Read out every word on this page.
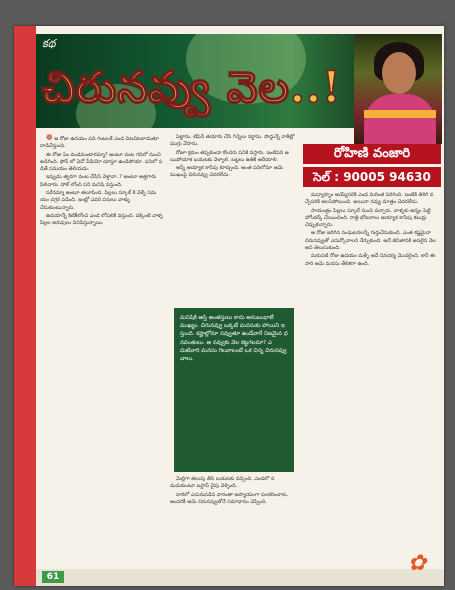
కథ
చిరునవ్వు వెల..!
రోహిణి వంజారి
సెల్ : 90005 94630

❁ ఆ రోజు ఉదయం పది గంటలకే ఎండ చిటచిటలాడుతూ దాడిచేస్తుంది.

ఈ రోజు ఏం వండమంటారమ్మా? అంటూ వంట గదిలో నుంచి అడిగింది. ఫోన్ లో ఏదో వీడియో చూస్తూ ఉండిపోయా. పనిలో పడితే సమయం తెలియదు.

ఇప్పుడు త్వరగా వంట చేసేసి వెళ్తావా..? అంటూ అత్తగారు పిలిచారు. హాల్ లోంచి పని మనిషి వస్తుంది.

సరేనమ్మా అంటూ తలూపింది. పిల్లలు స్కూల్ కి వెళ్ళే సమయం దగ్గర పడింది. ఇంట్లో ఎవరి పనులు వాళ్ళు చేసుకుంటున్నారు.

ఉదయాన్నే కిటికీలోంచి ఎండ లోపలికి వస్తుంది. పక్కింటి వాళ్ళ పిల్లల అరుపులు వినిపిస్తున్నాయి.

పెట్టాను. టిఫిన్ తయారు చేసి గిన్నెలు సర్దాను. పొద్దున్నే వాకిట్లో ముగ్గు వేసాను.

రోజూ క్రమం తప్పకుండా కొందరు పనికి వస్తారు. ఇంటిపని అయిపోయాక బయటకు వెళ్ళాలి. బట్టలు ఉతికి ఆరేయాలి.

అన్నీ అయ్యాక కాసేపు కూర్చుంది. అంత పనిలోనూ ఆమె ముఖంపై చిరునవ్వు చెదరలేదు.

మనిషికి ఆస్తి అంతస్తులు కాదు అనుబంధాలే ముఖ్యం. చిరునవ్వు ఒక్కటే మనసుకు హాయిని ఇస్తుంది. కష్టాల్లోనూ నవ్వుతూ ఉండేవారే నిజమైన ధనవంతులు. ఆ నవ్వుకు వెల కట్టగలమా? ఎదుటివారి మనసు గెలవాలంటే ఒక చిన్న చిరునవ్వు చాలు.

మెల్లిగా తలుపు తీసి బయటకు వచ్చింది. ఎండలో నడుచుకుంటూ బస్టాప్ వైపు వెళ్ళింది.

దారిలో ఎదురుపడిన వారంతా ఆప్యాయంగా పలకరించారు. అందరికీ ఆమె చిరునవ్వుతోనే సమాధానం చెప్పింది.

మధ్యాహ్నం అయ్యేసరికి ఎండ మరింత పెరిగింది. ఇంటికి తిరిగి వచ్చేసరికి అలసిపోయింది. అయినా నవ్వు మాత్రం చెదరలేదు.

సాయంత్రం పిల్లలు స్కూల్ నుంచి వచ్చారు. వాళ్ళకు అన్నం పెట్టి హోంవర్క్ చేయించింది. రాత్రి భోజనాలు అయ్యాక కాసేపు కబుర్లు చెప్పుకున్నారు.

ఆ రోజు జరిగిన సంఘటనలన్నీ గుర్తుచేసుకుంది. ఎంత కష్టమైనా చిరునవ్వుతో ఎదుర్కోవాలని నేర్చుకుంది. అదే జీవితానికి అసలైన వెల అని తెలుసుకుంది.

మరుసటి రోజు ఉదయం మళ్ళీ అదే దినచర్య మొదలైంది. కానీ ఈసారి ఆమె మనసు తేలికగా ఉంది.

61
✿
